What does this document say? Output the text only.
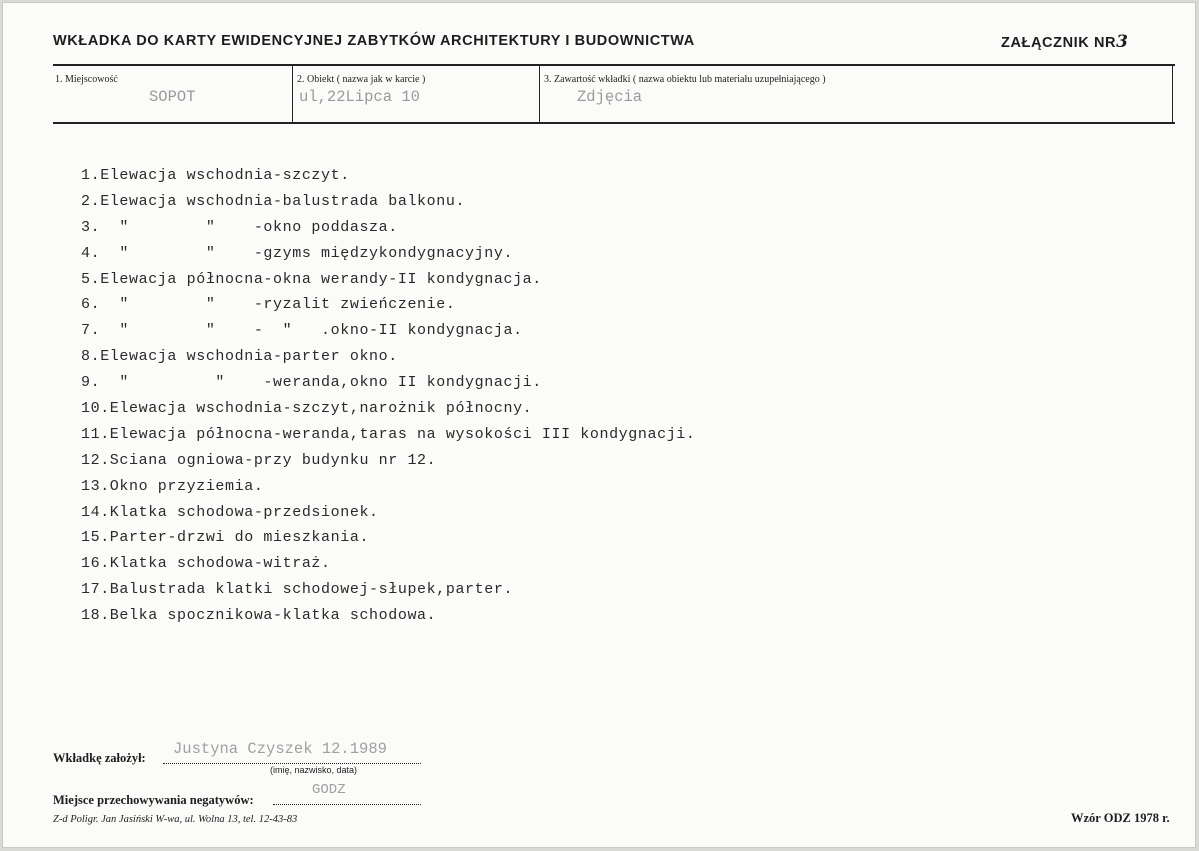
WKŁADKA DO KARTY EWIDENCYJNEJ ZABYTKÓW ARCHITEKTURY I BUDOWNICTWA	ZAŁĄCZNIK NR3
1. Miejscowość
SOPOT
2. Obiekt ( nazwa jak w karcie )
ul,22Lipca 10
3. Zawartość wkładki ( nazwa obiektu lub materiału uzupełniającego )
Zdjęcia
1.Elewacja wschodnia-szczyt.
2.Elewacja wschodnia-balustrada balkonu.
3.  "        "    -okno poddasza.
4.  "        "    -gzyms międzykondygnacyjny.
5.Elewacja północna-okna werandy-II kondygnacja.
6.  "        "    -ryzalit zwieńczenie.
7.  "        "    -  "   .okno-II kondygnacja.
8.Elewacja wschodnia-parter okno.
9.  "         "    -weranda,okno II kondygnacji.
10.Elewacja wschodnia-szczyt,narożnik północny.
11.Elewacja północna-weranda,taras na wysokości III kondygnacji.
12.Sciana ogniowa-przy budynku nr 12.
13.Okno przyziemia.
14.Klatka schodowa-przedsionek.
15.Parter-drzwi do mieszkania.
16.Klatka schodowa-witraż.
17.Balustrada klatki schodowej-słupek,parter.
18.Belka spocznikowa-klatka schodowa.
Wkładkę założył: Justyna Czyszek 12.1989
(imię, nazwisko, data)
Miejsce przechowywania negatywów:
GODZ
Z-d Poligr. Jan Jasiński W-wa, ul. Wolna 13, tel. 12-43-83	Wzór ODZ 1978 r.
